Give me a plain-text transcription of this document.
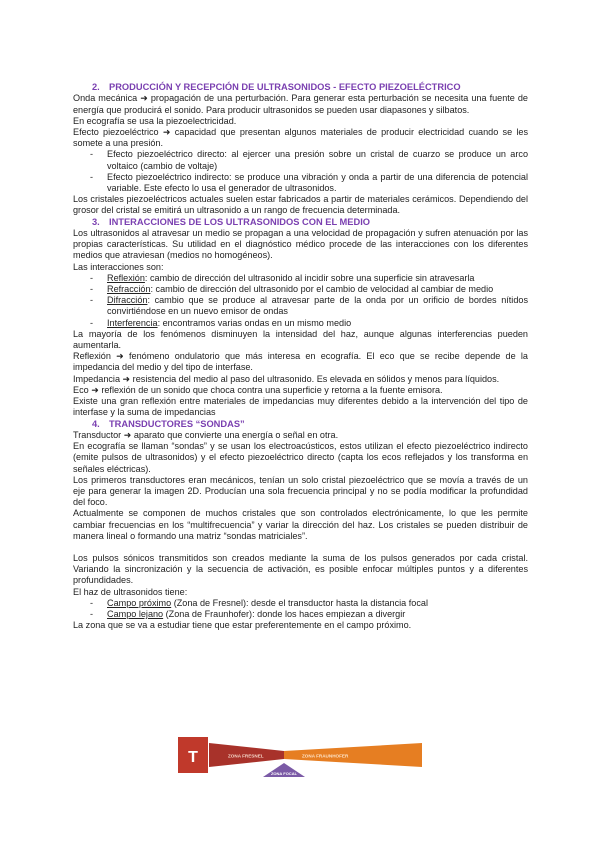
2. PRODUCCIÓN Y RECEPCIÓN DE ULTRASONIDOS - EFECTO PIEZOELÉCTRICO

Onda mecánica ➜ propagación de una perturbación. Para generar esta perturbación se necesita una fuente de energía que producirá el sonido. Para producir ultrasonidos se pueden usar diapasones y silbatos.

En ecografía se usa la piezoelectricidad.

Efecto piezoeléctrico ➜ capacidad que presentan algunos materiales de producir electricidad cuando se les somete a una presión.

- Efecto piezoeléctrico directo: al ejercer una presión sobre un cristal de cuarzo se produce un arco voltaico (cambio de voltaje)
- Efecto piezoeléctrico indirecto: se produce una vibración y onda a partir de una diferencia de potencial variable. Este efecto lo usa el generador de ultrasonidos.

Los cristales piezoeléctricos actuales suelen estar fabricados a partir de materiales cerámicos. Dependiendo del grosor del cristal se emitirá un ultrasonido a un rango de frecuencia determinada.

3. INTERACCIONES DE LOS ULTRASONIDOS CON EL MEDIO

Los ultrasonidos al atravesar un medio se propagan a una velocidad de propagación y sufren atenuación por las propias características. Su utilidad en el diagnóstico médico procede de las interacciones con los diferentes medios que atraviesan (medios no homogéneos).

Las interacciones son:

- Reflexión: cambio de dirección del ultrasonido al incidir sobre una superficie sin atravesarla
- Refracción: cambio de dirección del ultrasonido por el cambio de velocidad al cambiar de medio
- Difracción: cambio que se produce al atravesar parte de la onda por un orificio de bordes nítidos convirtiéndose en un nuevo emisor de ondas
- Interferencia: encontramos varias ondas en un mismo medio

La mayoría de los fenómenos disminuyen la intensidad del haz, aunque algunas interferencias pueden aumentarla.

Reflexión ➜ fenómeno ondulatorio que más interesa en ecografía. El eco que se recibe depende de la impedancia del medio y del tipo de interfase.

Impedancia ➜ resistencia del medio al paso del ultrasonido. Es elevada en sólidos y menos para líquidos.

Eco ➜ reflexión de un sonido que choca contra una superficie y retorna a la fuente emisora.

Existe una gran reflexión entre materiales de impedancias muy diferentes debido a la intervención del tipo de interfase y la suma de impedancias

4. TRANSDUCTORES “SONDAS”

Transductor ➜ aparato que convierte una energía o señal en otra.

En ecografía se llaman “sondas” y se usan los electroacústicos, estos utilizan el efecto piezoeléctrico indirecto (emite pulsos de ultrasonidos) y el efecto piezoeléctrico directo (capta los ecos reflejados y los transforma en señales eléctricas).

Los primeros transductores eran mecánicos, tenían un solo cristal piezoeléctrico que se movía a través de un eje para generar la imagen 2D. Producían una sola frecuencia principal y no se podía modificar la profundidad del foco.

Actualmente se componen de muchos cristales que son controlados electrónicamente, lo que les permite cambiar frecuencias en los “multifrecuencia” y variar la dirección del haz. Los cristales se pueden distribuir de manera lineal o formando una matriz “sondas matriciales”.

Los pulsos sónicos transmitidos son creados mediante la suma de los pulsos generados por cada cristal. Variando la sincronización y la secuencia de activación, es posible enfocar múltiples puntos y a diferentes profundidades.

El haz de ultrasonidos tiene:

- Campo próximo (Zona de Fresnel): desde el transductor hasta la distancia focal
- Campo lejano (Zona de Fraunhofer): donde los haces empiezan a divergir

La zona que se va a estudiar tiene que estar preferentemente en el campo próximo.

T	ZONA FRESNEL	ZONA FRAUNHOFER
ZONA FOCAL
